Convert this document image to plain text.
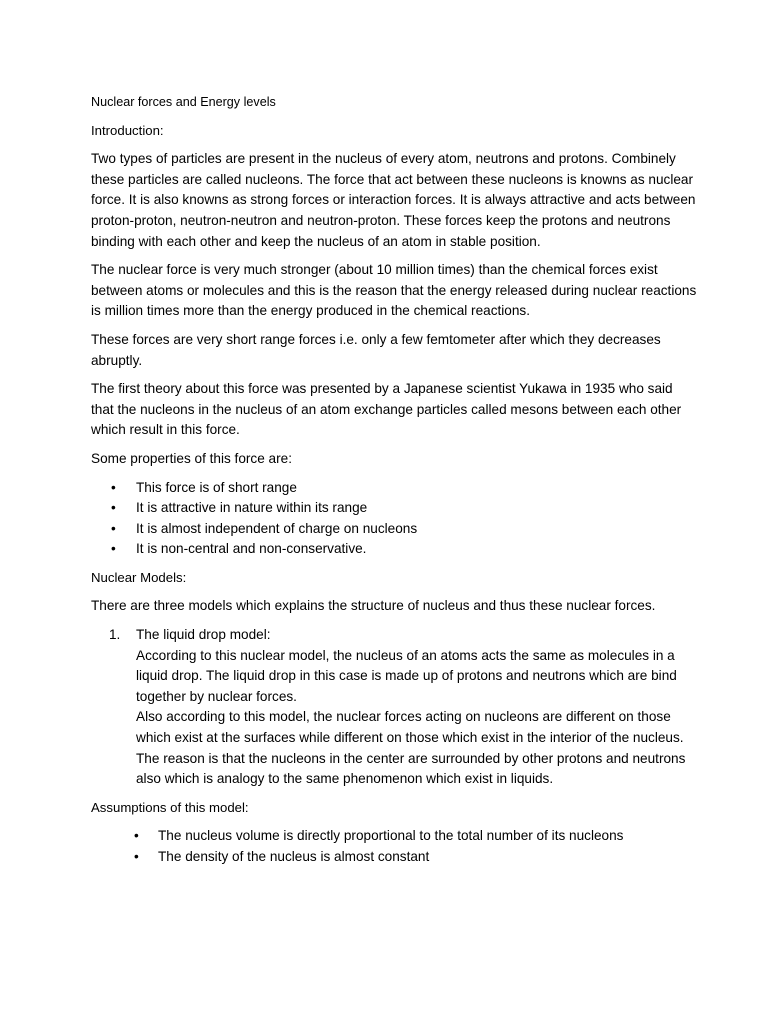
Nuclear forces and Energy levels

Introduction:

Two types of particles are present in the nucleus of every atom, neutrons and protons. Combinely these particles are called nucleons. The force that act between these nucleons is knowns as nuclear force. It is also knowns as strong forces or interaction forces. It is always attractive and acts between proton-proton, neutron-neutron and neutron-proton. These forces keep the protons and neutrons binding with each other and keep the nucleus of an atom in stable position.

The nuclear force is very much stronger (about 10 million times) than the chemical forces exist between atoms or molecules and this is the reason that the energy released during nuclear reactions is million times more than the energy produced in the chemical reactions.

These forces are very short range forces i.e. only a few femtometer after which they decreases abruptly.

The first theory about this force was presented by a Japanese scientist Yukawa in 1935 who said that the nucleons in the nucleus of an atom exchange particles called mesons between each other which result in this force.

Some properties of this force are:

• This force is of short range
• It is attractive in nature within its range
• It is almost independent of charge on nucleons
• It is non-central and non-conservative.

Nuclear Models:

There are three models which explains the structure of nucleus and thus these nuclear forces.

1. The liquid drop model:
According to this nuclear model, the nucleus of an atoms acts the same as molecules in a liquid drop. The liquid drop in this case is made up of protons and neutrons which are bind together by nuclear forces.
Also according to this model, the nuclear forces acting on nucleons are different on those which exist at the surfaces while different on those which exist in the interior of the nucleus. The reason is that the nucleons in the center are surrounded by other protons and neutrons also which is analogy to the same phenomenon which exist in liquids.

Assumptions of this model:

• The nucleus volume is directly proportional to the total number of its nucleons
• The density of the nucleus is almost constant
